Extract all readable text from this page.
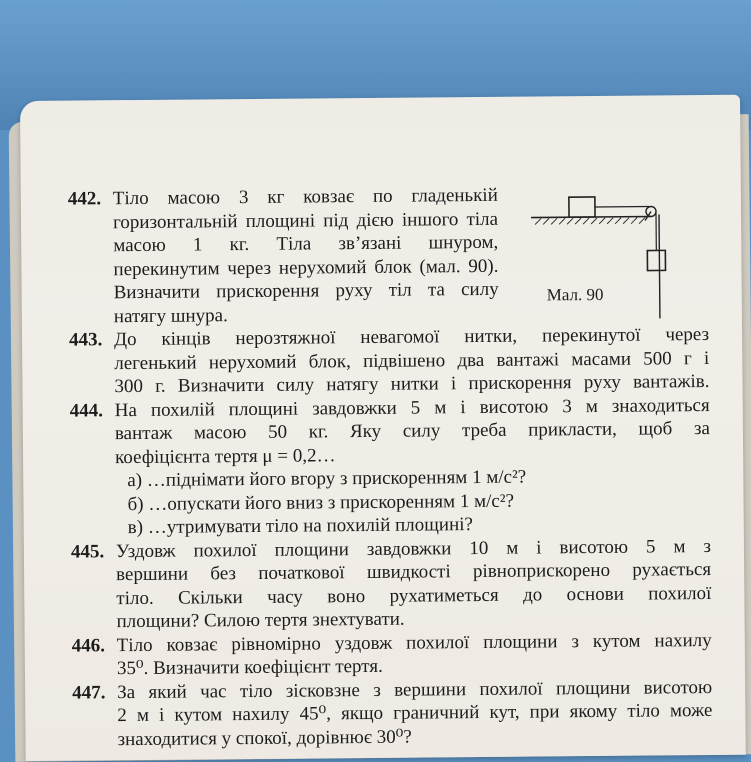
442. Тіло масою 3 кг ковзає по гладенькій
горизонтальній площині під дією іншого тіла
масою 1 кг. Тіла зв’язані шнуром,
перекинутим через нерухомий блок (мал. 90).
Визначити прискорення руху тіл та силу
натягу шнура.
443. До кінців нерозтяжної невагомої нитки, перекинутої через
легенький нерухомий блок, підвішено два вантажі масами 500 г і
300 г. Визначити силу натягу нитки і прискорення руху вантажів.
444. На похилій площині завдовжки 5 м і висотою 3 м знаходиться
вантаж масою 50 кг. Яку силу треба прикласти, щоб за
коефіцієнта тертя μ = 0,2…
а) …піднімати його вгору з прискоренням 1 м/с²?
б) …опускати його вниз з прискоренням 1 м/с²?
в) …утримувати тіло на похилій площині?
445. Уздовж похилої площини завдовжки 10 м і висотою 5 м з
вершини без початкової швидкості рівноприскорено рухається
тіло. Скільки часу воно рухатиметься до основи похилої
площини? Силою тертя знехтувати.
446. Тіло ковзає рівномірно уздовж похилої площини з кутом нахилу
35⁰. Визначити коефіцієнт тертя.
447. За який час тіло зісковзне з вершини похилої площини висотою
2 м і кутом нахилу 45⁰, якщо граничний кут, при якому тіло може
знаходитися у спокої, дорівнює 30⁰?
Мал. 90
